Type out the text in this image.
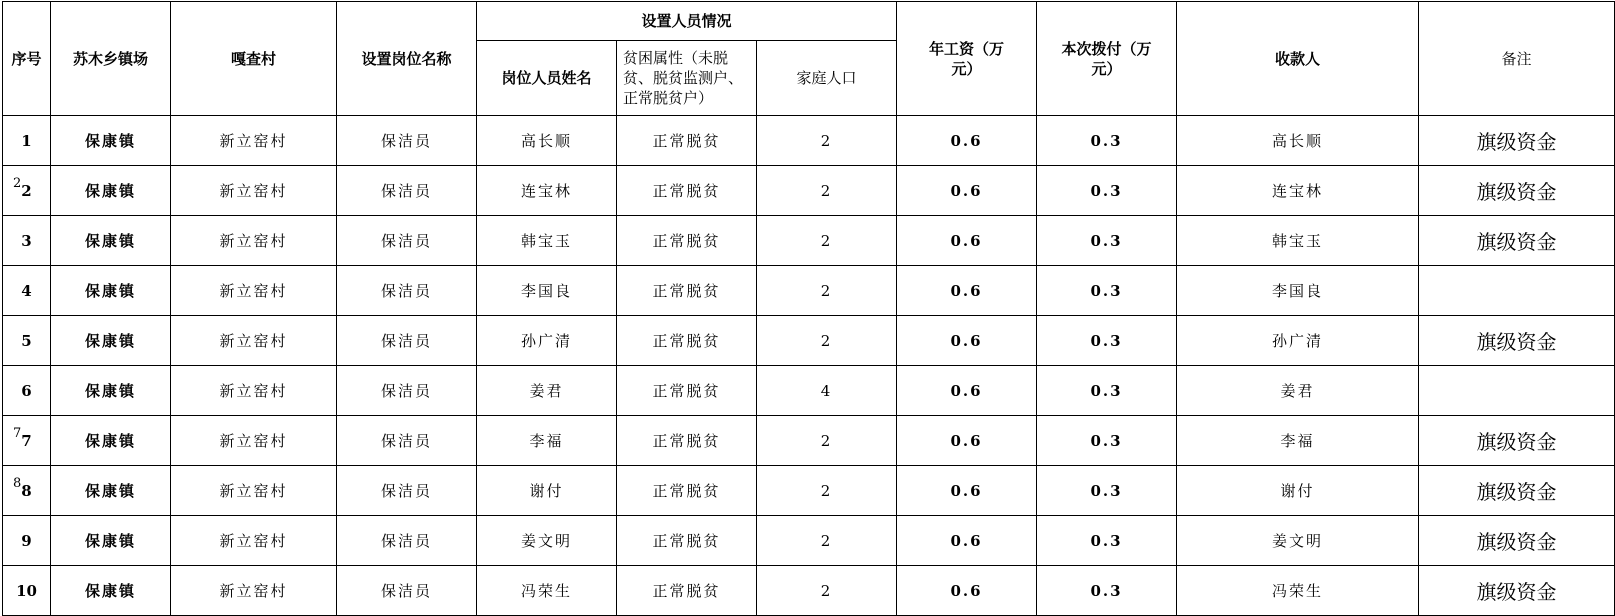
序号	苏木乡镇场	嘎查村	设置岗位名称	设置人员情况			年工资（万元）	本次拨付（万元）	收款人	备注
				岗位人员姓名	贫困属性（未脱贫、脱贫监测户、正常脱贫户）	家庭人口				
1	保康镇	新立窑村	保洁员	高长顺	正常脱贫	2	0.6	0.3	高长顺	旗级资金

2 2	保康镇	新立窑村	保洁员	连宝林	正常脱贫	2	0.6	0.3	连宝林	旗级资金
3	保康镇	新立窑村	保洁员	韩宝玉	正常脱贫	2	0.6	0.3	韩宝玉	旗级资金
4	保康镇	新立窑村	保洁员	李国良	正常脱贫	2	0.6	0.3	李国良	
5	保康镇	新立窑村	保洁员	孙广清	正常脱贫	2	0.6	0.3	孙广清	旗级资金
6	保康镇	新立窑村	保洁员	姜君	正常脱贫	4	0.6	0.3	姜君	

7 7	保康镇	新立窑村	保洁员	李福	正常脱贫	2	0.6	0.3	李福	旗级资金

8 8	保康镇	新立窑村	保洁员	谢付	正常脱贫	2	0.6	0.3	谢付	旗级资金
9	保康镇	新立窑村	保洁员	姜文明	正常脱贫	2	0.6	0.3	姜文明	旗级资金
10	保康镇	新立窑村	保洁员	冯荣生	正常脱贫	2	0.6	0.3	冯荣生	旗级资金
